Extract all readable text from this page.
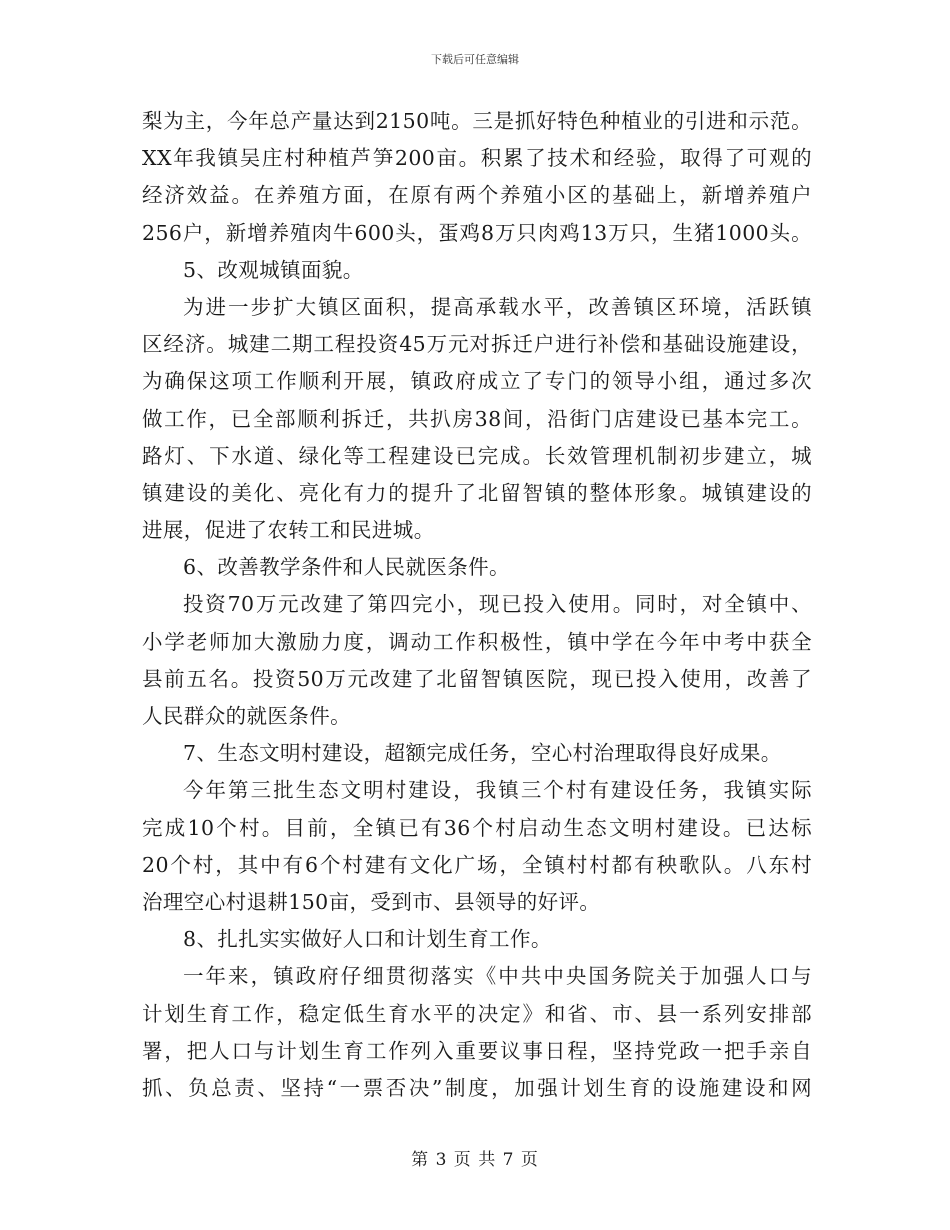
下载后可任意编辑
梨为主，今年总产量达到2150吨。三是抓好特色种植业的引进和示范。
XX年我镇吴庄村种植芦笋200亩。积累了技术和经验，取得了可观的
经济效益。在养殖方面，在原有两个养殖小区的基础上，新增养殖户
256户，新增养殖肉牛600头，蛋鸡8万只肉鸡13万只，生猪1000头。
5、改观城镇面貌。
为进一步扩大镇区面积，提高承载水平，改善镇区环境，活跃镇
区经济。城建二期工程投资45万元对拆迁户进行补偿和基础设施建设，
为确保这项工作顺利开展，镇政府成立了专门的领导小组，通过多次
做工作，已全部顺利拆迁，共扒房38间，沿街门店建设已基本完工。
路灯、下水道、绿化等工程建设已完成。长效管理机制初步建立，城
镇建设的美化、亮化有力的提升了北留智镇的整体形象。城镇建设的
进展，促进了农转工和民进城。
6、改善教学条件和人民就医条件。
投资70万元改建了第四完小，现已投入使用。同时，对全镇中、
小学老师加大激励力度，调动工作积极性，镇中学在今年中考中获全
县前五名。投资50万元改建了北留智镇医院，现已投入使用，改善了
人民群众的就医条件。
7、生态文明村建设，超额完成任务，空心村治理取得良好成果。
今年第三批生态文明村建设，我镇三个村有建设任务，我镇实际
完成10个村。目前，全镇已有36个村启动生态文明村建设。已达标
20个村，其中有6个村建有文化广场，全镇村村都有秧歌队。八东村
治理空心村退耕150亩，受到市、县领导的好评。
8、扎扎实实做好人口和计划生育工作。
一年来，镇政府仔细贯彻落实《中共中央国务院关于加强人口与
计划生育工作，稳定低生育水平的决定》和省、市、县一系列安排部
署，把人口与计划生育工作列入重要议事日程，坚持党政一把手亲自
抓、负总责、坚持“一票否决”制度，加强计划生育的设施建设和网
第 3 页 共 7 页
